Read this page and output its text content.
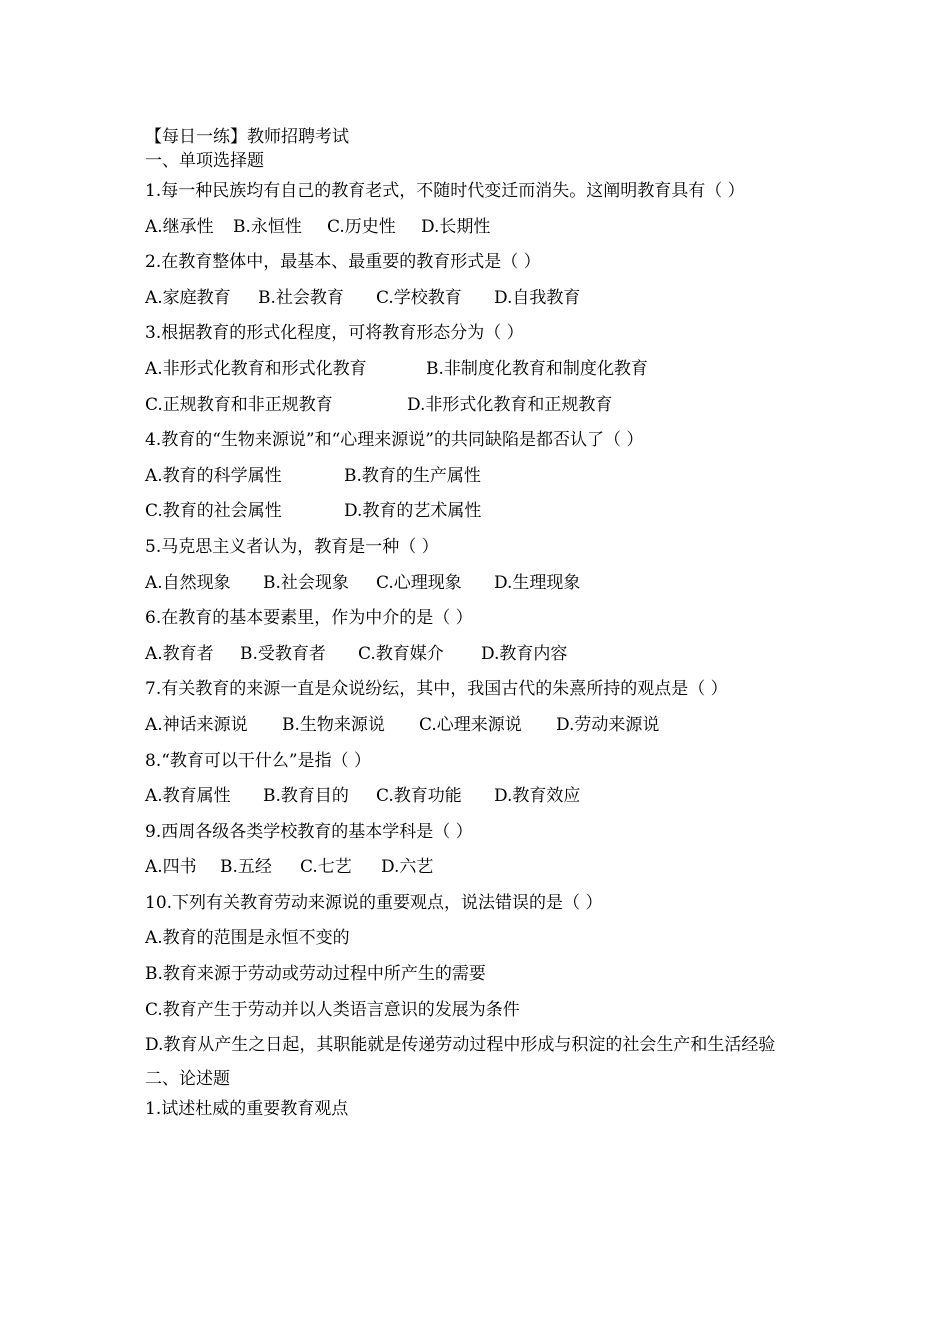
【每日一练】教师招聘考试
一、单项选择题
1.每一种民族均有自己的教育老式，不随时代变迁而消失。这阐明教育具有（ ）
A.继承性 B.永恒性 C.历史性 D.长期性
2.在教育整体中，最基本、最重要的教育形式是（ ）
A.家庭教育 B.社会教育 C.学校教育 D.自我教育
3.根据教育的形式化程度，可将教育形态分为（ ）
A.非形式化教育和形式化教育	B.非制度化教育和制度化教育
C.正规教育和非正规教育	D.非形式化教育和正规教育
4.教育的“生物来源说”和“心理来源说”的共同缺陷是都否认了（ ）
A.教育的科学属性	B.教育的生产属性
C.教育的社会属性	D.教育的艺术属性
5.马克思主义者认为，教育是一种（ ）
A.自然现象 B.社会现象 C.心理现象 D.生理现象
6.在教育的基本要素里，作为中介的是（ ）
A.教育者 B.受教育者 C.教育媒介 D.教育内容
7.有关教育的来源一直是众说纷纭，其中，我国古代的朱熹所持的观点是（ ）
A.神话来源说 B.生物来源说 C.心理来源说 D.劳动来源说
8.“教育可以干什么”是指（ ）
A.教育属性 B.教育目的 C.教育功能 D.教育效应
9.西周各级各类学校教育的基本学科是（ ）
A.四书 B.五经 C.七艺 D.六艺
10.下列有关教育劳动来源说的重要观点，说法错误的是（ ）
A.教育的范围是永恒不变的
B.教育来源于劳动或劳动过程中所产生的需要
C.教育产生于劳动并以人类语言意识的发展为条件
D.教育从产生之日起，其职能就是传递劳动过程中形成与积淀的社会生产和生活经验
二、论述题
1.试述杜威的重要教育观点
